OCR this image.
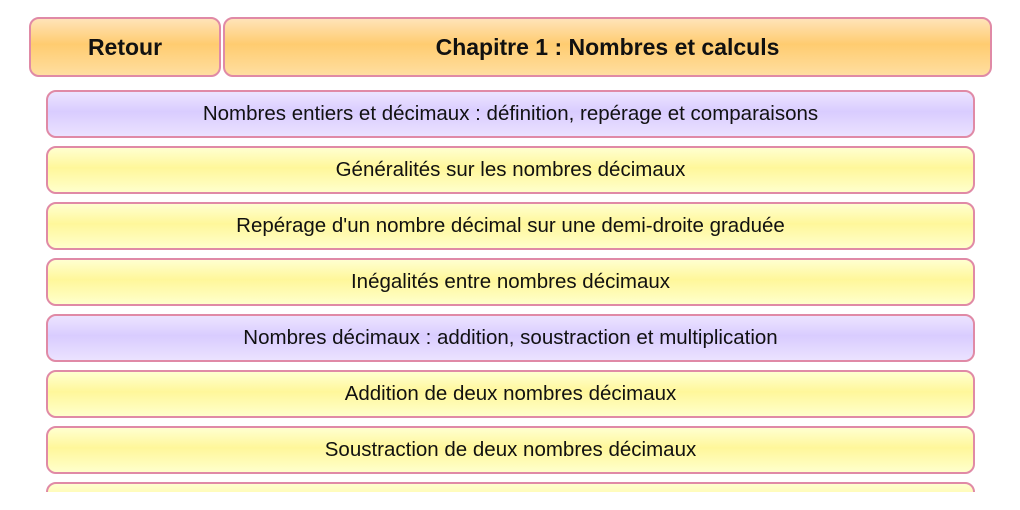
Retour	Chapitre 1 : Nombres et calculs
Nombres entiers et décimaux : définition, repérage et comparaisons
Généralités sur les nombres décimaux
Repérage d'un nombre décimal sur une demi-droite graduée
Inégalités entre nombres décimaux
Nombres décimaux : addition, soustraction et multiplication
Addition de deux nombres décimaux
Soustraction de deux nombres décimaux
